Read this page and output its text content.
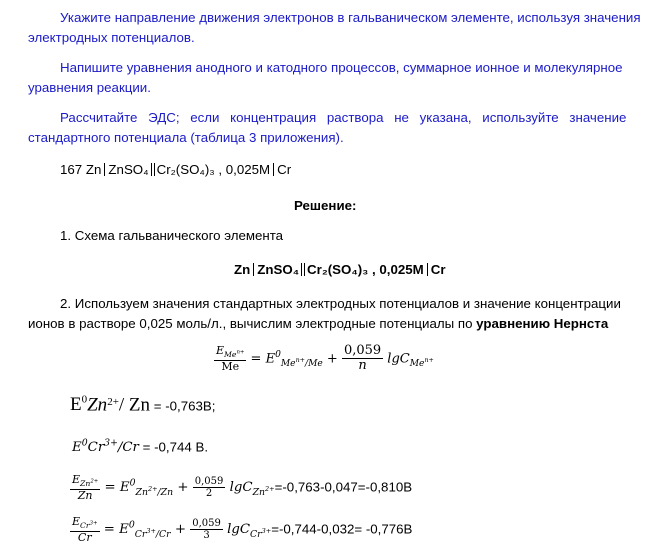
Укажите направление движения электронов в гальваническом элементе, используя значения
электродных потенциалов.
Напишите уравнения анодного и катодного процессов, суммарное ионное и молекулярное
уравнения реакции.
Рассчитайте ЭДС; если концентрация раствора не указана, используйте значение
стандартного потенциала (таблица 3 приложения).
167 Zn ZnSO₄ Cr₂(SO₄)₃ , 0,025M Cr
Решение:
1. Схема гальванического элемента
Zn ZnSO₄ Cr₂(SO₄)₃ , 0,025M Cr
2. Используем значения стандартных электродных потенциалов и значение концентрации
ионов в растворе 0,025 моль/л., вычислим электродные потенциалы по уравнению Нернста
$\frac{E_{Me^{n+}}}{Me} = E^0_{Me^{n+}/Me} + \frac{0,059}{n} \lg C_{Me^{n+}}$
$E^0Zn^{2+}/$ Zn = -0,763В;
$E^0Cr^{3+}/Cr = -0,744$ В.
$\frac{E_{Zn^{2+}}}{Zn} = E^0_{Zn^{2+}/Zn} + \frac{0,059}{2} \lg C_{Zn^{2+}}=-0,763-0,047=-0,810В$
$\frac{E_{Cr^{3+}}}{Cr} = E^0_{Cr^{3+}/Cr} + \frac{0,059}{3} \lg C_{Cr^{3+}}=-0,744-0,032= -0,776В$
